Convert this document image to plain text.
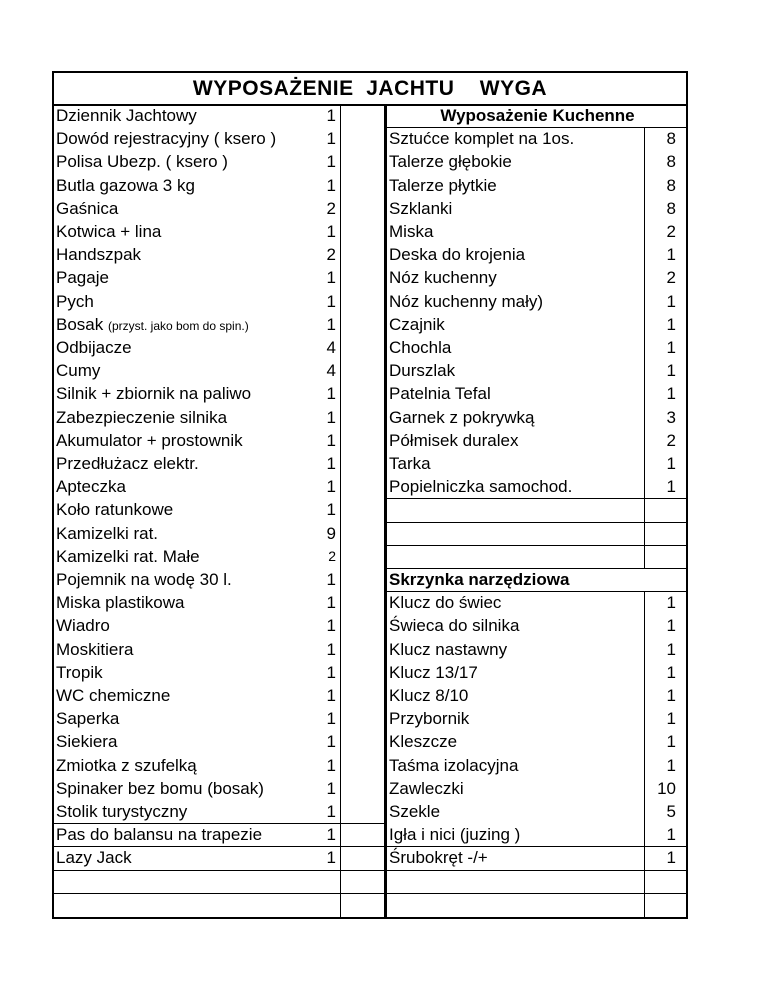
WYPOSAŻENIE  JACHTU    WYGA
Wyposażenie Kuchenne
Dziennik Jachtowy	1
Dowód rejestracyjny ( ksero )	1
Polisa Ubezp. ( ksero )	1
Butla gazowa 3 kg	1
Gaśnica	2
Kotwica + lina	1
Handszpak	2
Pagaje	1
Pych	1
Bosak (przyst. jako bom do spin.)	1
Odbijacze	4
Cumy	4
Silnik + zbiornik na paliwo	1
Zabezpieczenie silnika	1
Akumulator + prostownik	1
Przedłużacz elektr.	1
Apteczka	1
Koło ratunkowe	1
Kamizelki rat.	9
Kamizelki rat. Małe	2
Pojemnik na wodę 30 l.	1
Miska plastikowa	1
Wiadro	1
Moskitiera	1
Tropik	1
WC chemiczne	1
Saperka	1
Siekiera	1
Zmiotka z szufelką	1
Spinaker bez bomu (bosak)	1
Stolik turystyczny	1
Pas do balansu na trapezie	1
Lazy Jack	1
Sztućce komplet na 1os.	8
Talerze głębokie	8
Talerze płytkie	8
Szklanki	8
Miska	2
Deska do krojenia	1
Nóz kuchenny	2
Nóz kuchenny mały)	1
Czajnik	1
Chochla	1
Durszlak	1
Patelnia Tefal	1
Garnek z pokrywką	3
Półmisek duralex	2
Tarka	1
Popielniczka samochod.	1
Skrzynka narzędziowa
Klucz do świec	1
Świeca do silnika	1
Klucz nastawny	1
Klucz 13/17	1
Klucz 8/10	1
Przybornik	1
Kleszcze	1
Taśma izolacyjna	1
Zawleczki	10
Szekle	5
Igła i nici (juzing )	1
Śrubokręt -/+	1
